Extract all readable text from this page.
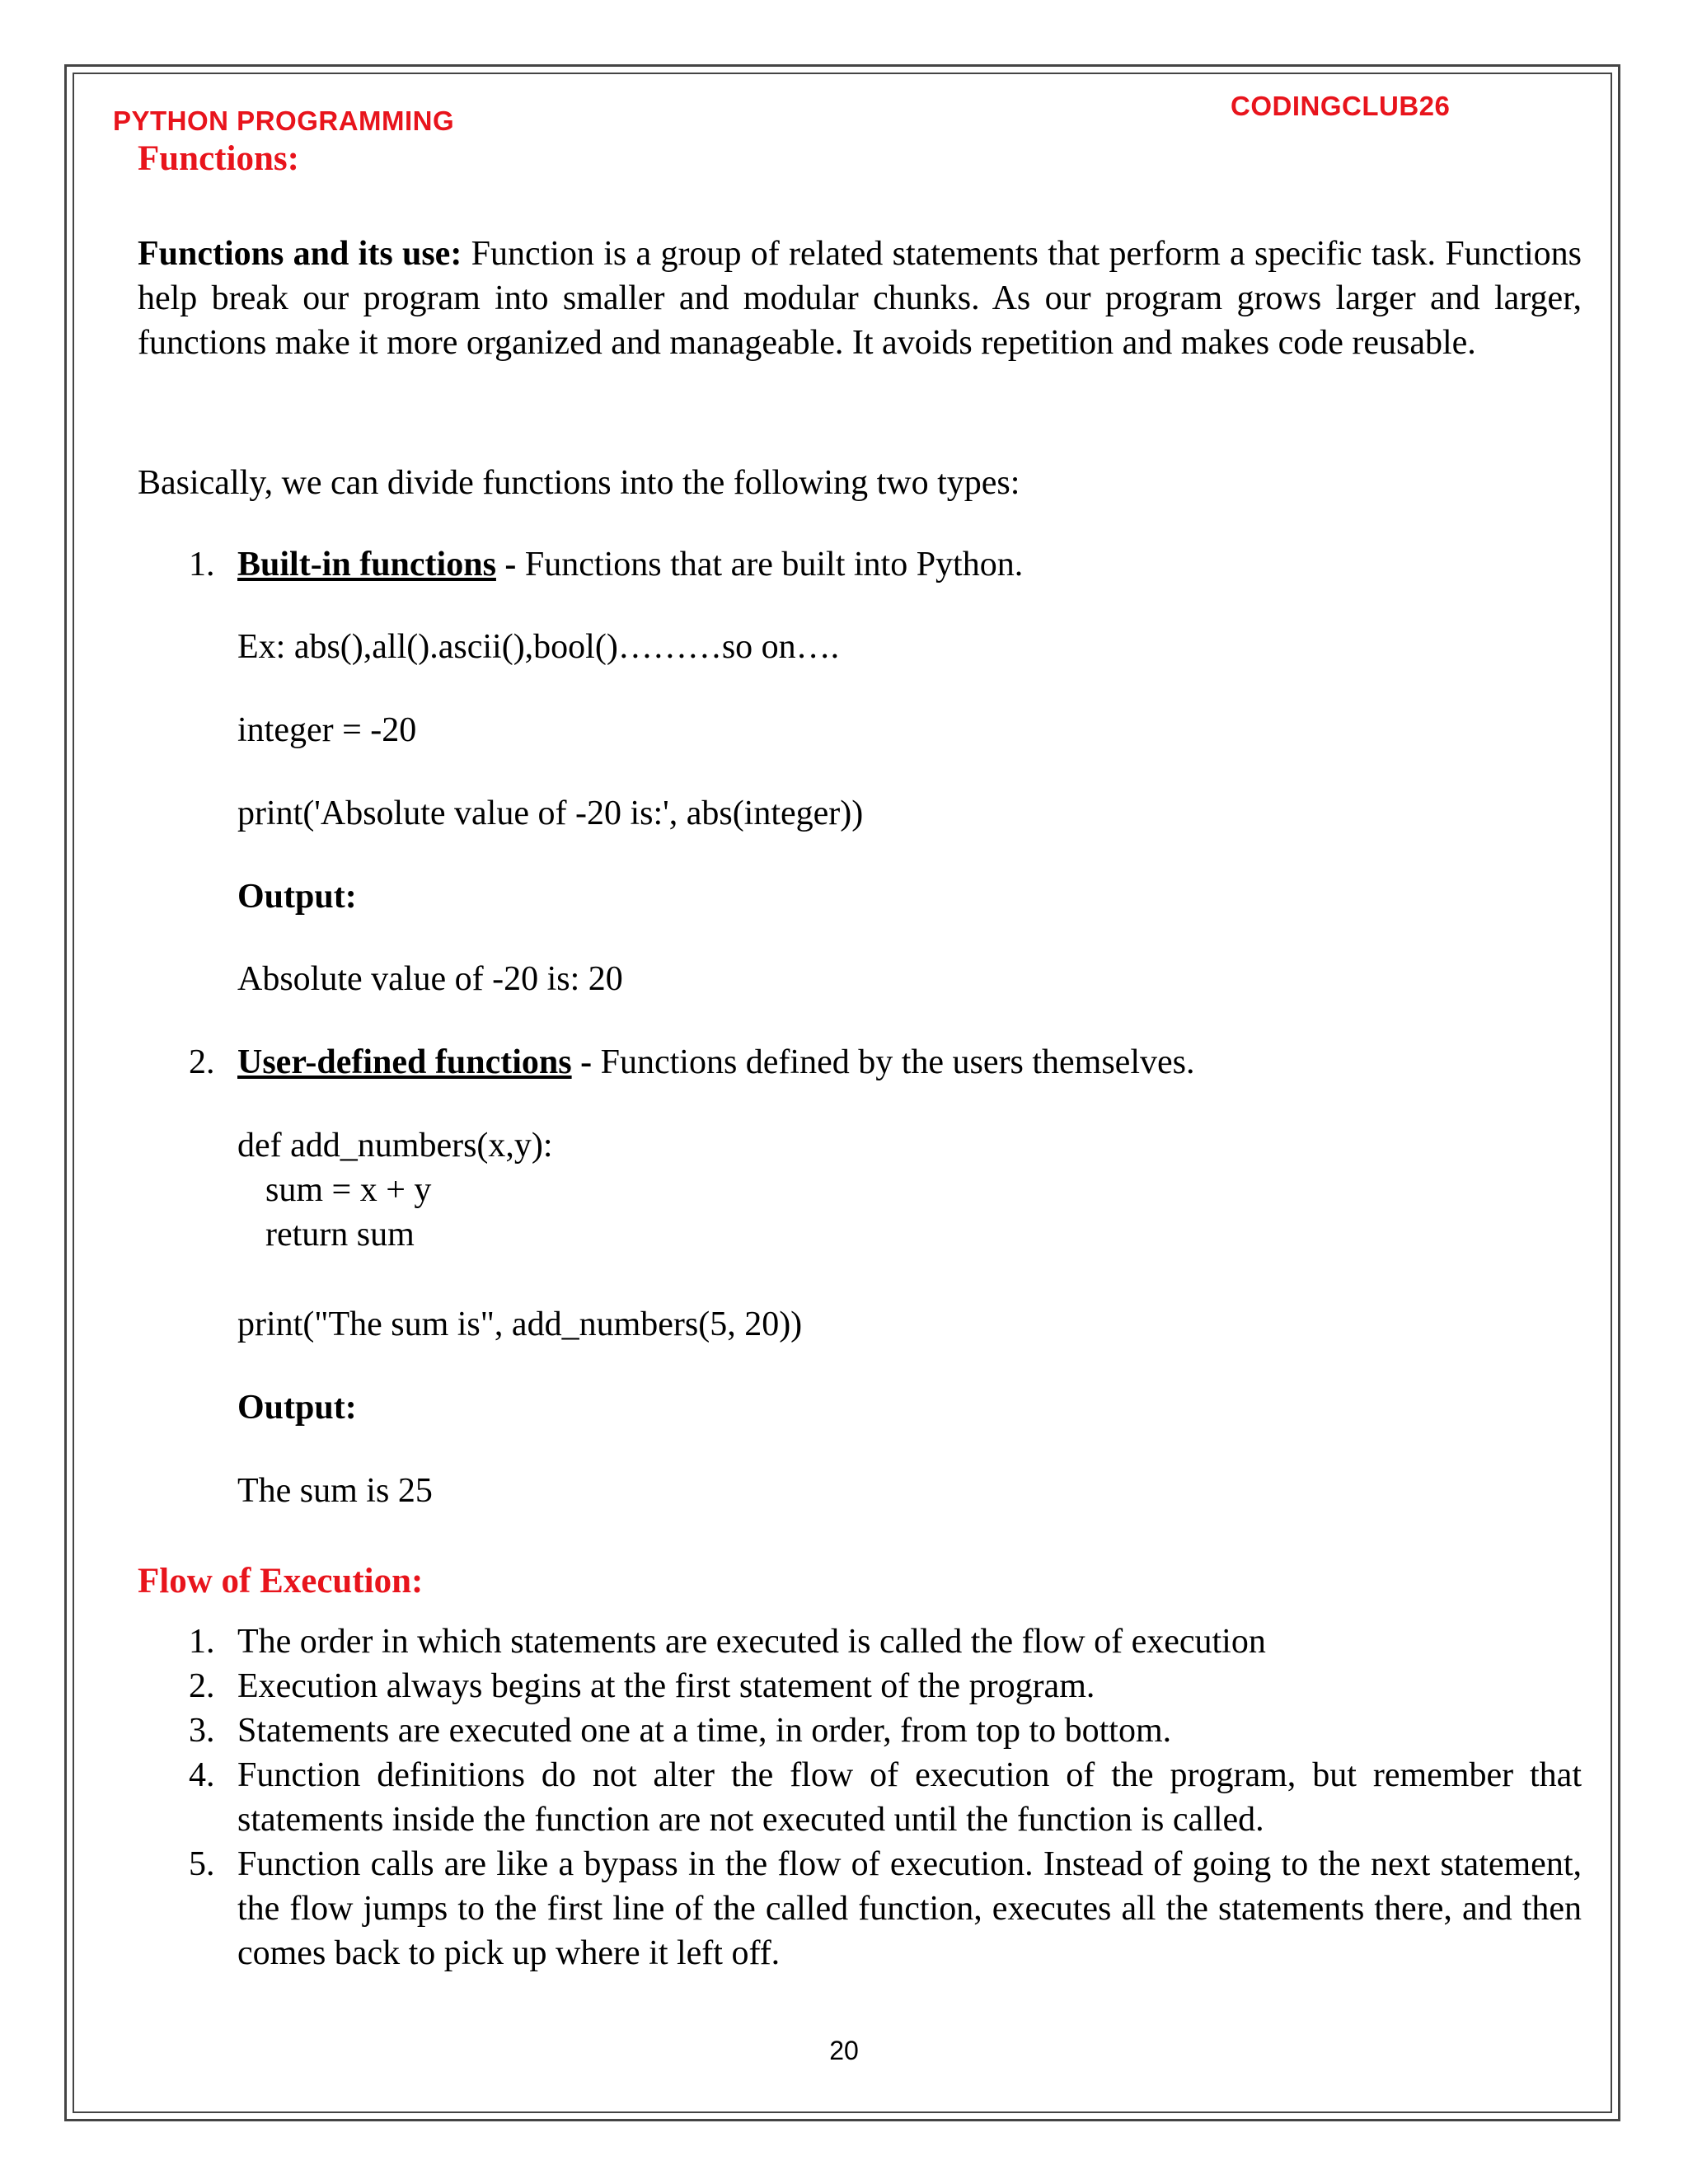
PYTHON PROGRAMMING	CODINGCLUB26
Functions:
Functions and its use: Function is a group of related statements that perform a specific task. Functions help break our program into smaller and modular chunks. As our program grows larger and larger, functions make it more organized and manageable. It avoids repetition and makes code reusable.
Basically, we can divide functions into the following two types:
1. Built-in functions - Functions that are built into Python.
Ex: abs(),all().ascii(),bool()………so on….
integer = -20
print('Absolute value of -20 is:', abs(integer))
Output:
Absolute value of -20 is: 20
2. User-defined functions - Functions defined by the users themselves.
def add_numbers(x,y):
sum = x + y
return sum
print("The sum is", add_numbers(5, 20))
Output:
The sum is 25
Flow of Execution:
1. The order in which statements are executed is called the flow of execution
2. Execution always begins at the first statement of the program.
3. Statements are executed one at a time, in order, from top to bottom.
4. Function definitions do not alter the flow of execution of the program, but remember that statements inside the function are not executed until the function is called.
5. Function calls are like a bypass in the flow of execution. Instead of going to the next statement, the flow jumps to the first line of the called function, executes all the statements there, and then comes back to pick up where it left off.
20
